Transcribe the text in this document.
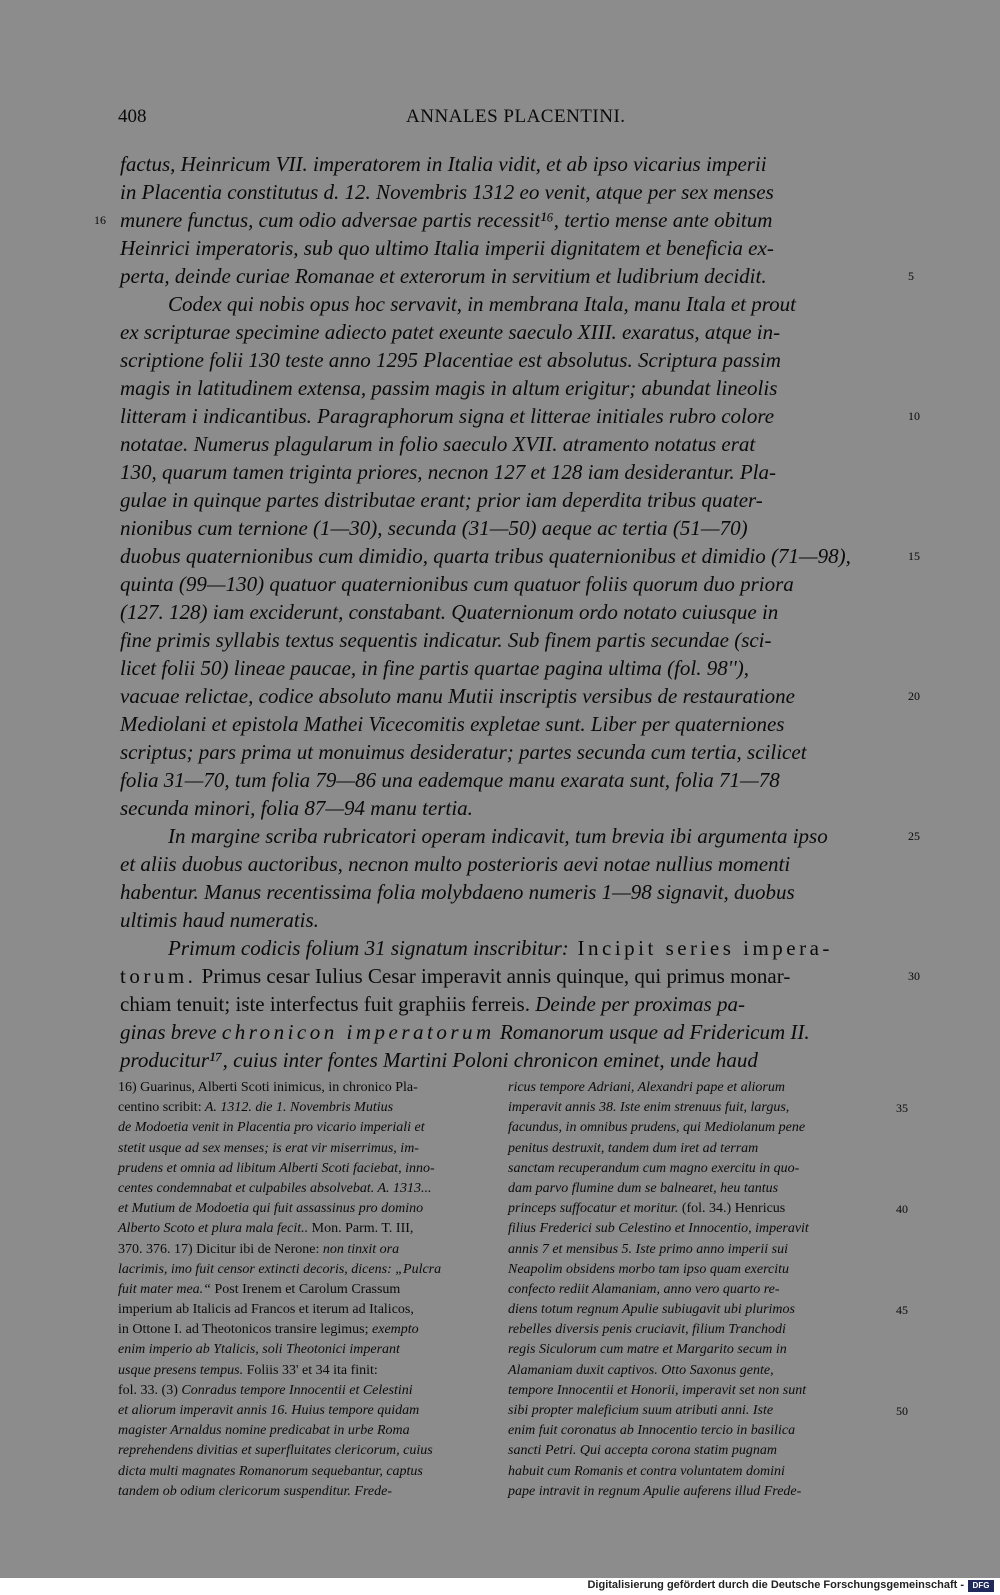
408	ANNALES PLACENTINI.
factus, Heinricum VII. imperatorem in Italia vidit, et ab ipso vicarius imperii
in Placentia constitutus d. 12. Novembris 1312 eo venit, atque per sex menses
munere functus, cum odio adversae partis recessit¹⁶, tertio mense ante obitum
16
Heinrici imperatoris, sub quo ultimo Italia imperii dignitatem et beneficia ex-
perta, deinde curiae Romanae et exterorum in servitium et ludibrium decidit.	5
Codex qui nobis opus hoc servavit, in membrana Itala, manu Itala et prout
ex scripturae specimine adiecto patet exeunte saeculo XIII. exaratus, atque in-
scriptione folii 130 teste anno 1295 Placentiae est absolutus. Scriptura passim
magis in latitudinem extensa, passim magis in altum erigitur; abundat lineolis
litteram i indicantibus. Paragraphorum signa et litterae initiales rubro colore	10
notatae. Numerus plagularum in folio saeculo XVII. atramento notatus erat
130, quarum tamen triginta priores, necnon 127 et 128 iam desiderantur. Pla-
gulae in quinque partes distributae erant; prior iam deperdita tribus quater-
nionibus cum ternione (1—30), secunda (31—50) aeque ac tertia (51—70)
duobus quaternionibus cum dimidio, quarta tribus quaternionibus et dimidio (71—98),	15
quinta (99—130) quatuor quaternionibus cum quatuor foliis quorum duo priora
(127. 128) iam exciderunt, constabant. Quaternionum ordo notato cuiusque in
fine primis syllabis textus sequentis indicatur. Sub finem partis secundae (sci-
licet folii 50) lineae paucae, in fine partis quartae pagina ultima (fol. 98''),
vacuae relictae, codice absoluto manu Mutii inscriptis versibus de restauratione	20
Mediolani et epistola Mathei Vicecomitis expletae sunt. Liber per quaterniones
scriptus; pars prima ut monuimus desideratur; partes secunda cum tertia, scilicet
folia 31—70, tum folia 79—86 una eademque manu exarata sunt, folia 71—78
secunda minori, folia 87—94 manu tertia.
In margine scriba rubricatori operam indicavit, tum brevia ibi argumenta ipso	25
et aliis duobus auctoribus, necnon multo posterioris aevi notae nullius momenti
habentur. Manus recentissima folia molybdaeno numeris 1—98 signavit, duobus
ultimis haud numeratis.
Primum codicis folium 31 signatum inscribitur: Incipit series impera-
torum. Primus cesar Iulius Cesar imperavit annis quinque, qui primus monar-	30
chiam tenuit; iste interfectus fuit graphiis ferreis. Deinde per proximas pa-
ginas breve chronicon imperatorum Romanorum usque ad Fridericum II.
producitur¹⁷, cuius inter fontes Martini Poloni chronicon eminet, unde haud
16) Guarinus, Alberti Scoti inimicus, in chronico Pla-
centino scribit: A. 1312. die 1. Novembris Mutius
de Modoetia venit in Placentia pro vicario imperiali et
stetit usque ad sex menses; is erat vir miserrimus, im-
prudens et omnia ad libitum Alberti Scoti faciebat, inno-
centes condemnabat et culpabiles absolvebat. A. 1313...
et Mutium de Modoetia qui fuit assassinus pro domino
Alberto Scoto et plura mala fecit.. Mon. Parm. T. III,
370. 376. 17) Dicitur ibi de Nerone: non tinxit ora
lacrimis, imo fuit censor extincti decoris, dicens: „Pulcra
fuit mater mea.“ Post Irenem et Carolum Crassum
imperium ab Italicis ad Francos et iterum ad Italicos,
in Ottone I. ad Theotonicos transire legimus; exempto
enim imperio ab Ytalicis, soli Theotonici imperant
usque presens tempus. Foliis 33' et 34 ita finit:
fol. 33. (3) Conradus tempore Innocentii et Celestini
et aliorum imperavit annis 16. Huius tempore quidam
magister Arnaldus nomine predicabat in urbe Roma
reprehendens divitias et superfluitates clericorum, cuius
dicta multi magnates Romanorum sequebantur, captus
tandem ob odium clericorum suspenditur. Frede-
ricus tempore Adriani, Alexandri pape et aliorum
imperavit annis 38. Iste enim strenuus fuit, largus,	35
facundus, in omnibus prudens, qui Mediolanum pene
penitus destruxit, tandem dum iret ad terram
sanctam recuperandum cum magno exercitu in quo-
dam parvo flumine dum se balnearet, heu tantus
princeps suffocatur et moritur. (fol. 34.) Henricus	40
filius Frederici sub Celestino et Innocentio, imperavit
annis 7 et mensibus 5. Iste primo anno imperii sui
Neapolim obsidens morbo tam ipso quam exercitu
confecto rediit Alamaniam, anno vero quarto re-
diens totum regnum Apulie subiugavit ubi plurimos	45
rebelles diversis penis cruciavit, filium Tranchodi
regis Siculorum cum matre et Margarito secum in
Alamaniam duxit captivos. Otto Saxonus gente,
tempore Innocentii et Honorii, imperavit set non sunt
sibi propter maleficium suum atributi anni. Iste	50
enim fuit coronatus ab Innocentio tercio in basilica
sancti Petri. Qui accepta corona statim pugnam
habuit cum Romanis et contra voluntatem domini
pape intravit in regnum Apulie auferens illud Frede-
Digitalisierung gefördert durch die Deutsche Forschungsgemeinschaft -	DFG
